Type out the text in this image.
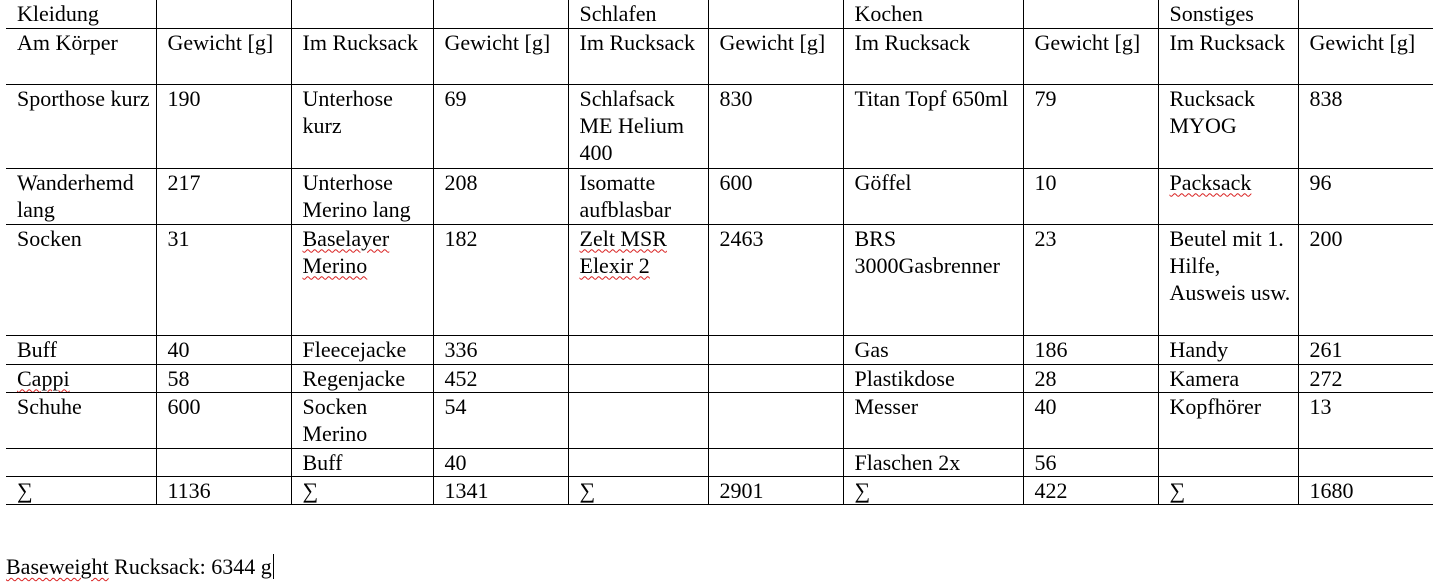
Kleidung				Schlafen		Kochen		Sonstiges	
Am Körper	Gewicht [g]	Im Rucksack	Gewicht [g]	Im Rucksack	Gewicht [g]	Im Rucksack	Gewicht [g]	Im Rucksack	Gewicht [g]
Sporthose kurz	190	Unterhose kurz	69	Schlafsack ME Helium 400	830	Titan Topf 650ml	79	Rucksack MYOG	838
Wanderhemd lang	217	Unterhose Merino lang	208	Isomatte aufblasbar	600	Göffel	10	Packsack	96
Socken	31	Baselayer Merino	182	Zelt MSR Elexir 2	2463	BRS 3000Gasbrenner	23	Beutel mit 1. Hilfe, Ausweis usw.	200
Buff	40	Fleecejacke	336			Gas	186	Handy	261
Cappi	58	Regenjacke	452			Plastikdose	28	Kamera	272
Schuhe	600	Socken Merino	54			Messer	40	Kopfhörer	13
		Buff	40			Flaschen 2x	56		
∑	1136	∑	1341	∑	2901	∑	422	∑	1680
Baseweight Rucksack: 6344 g
